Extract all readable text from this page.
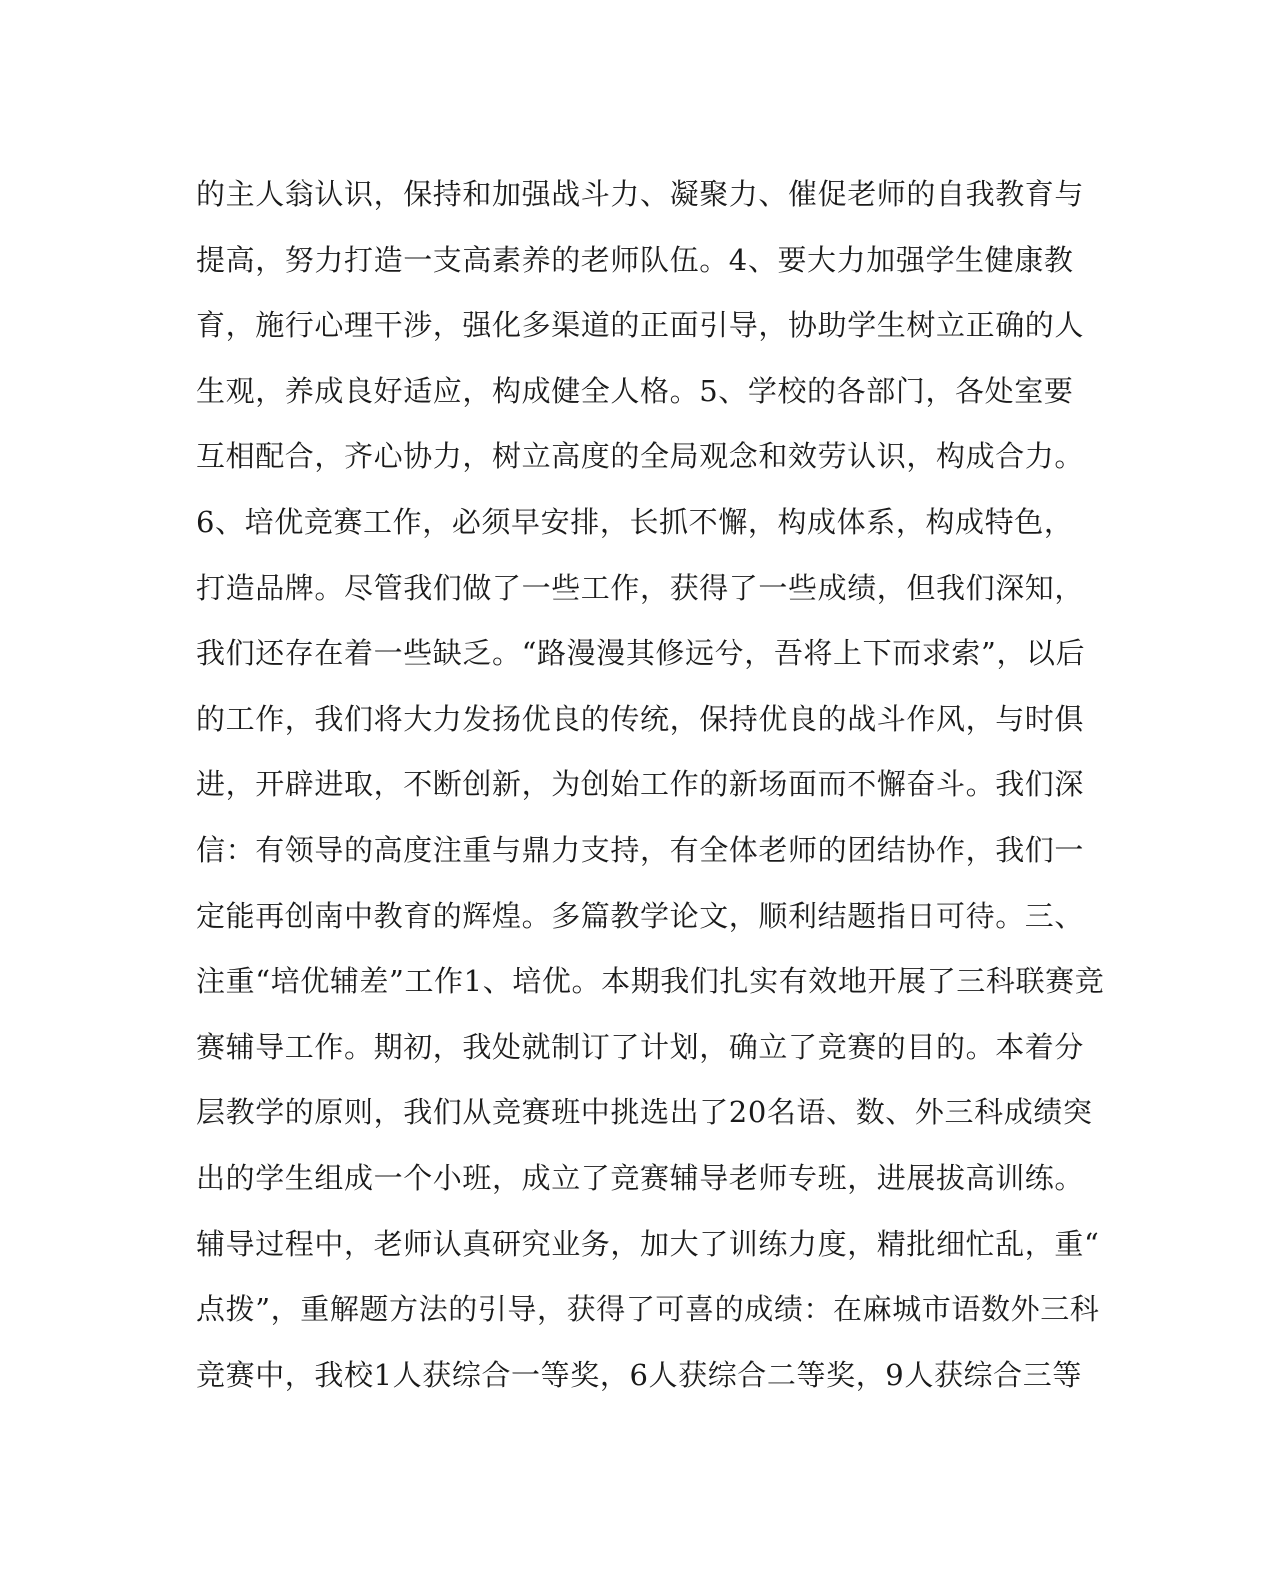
的主人翁认识，保持和加强战斗力、凝聚力、催促老师的自我教育与
提高，努力打造一支高素养的老师队伍。4、要大力加强学生健康教
育，施行心理干涉，强化多渠道的正面引导，协助学生树立正确的人
生观，养成良好适应，构成健全人格。5、学校的各部门，各处室要
互相配合，齐心协力，树立高度的全局观念和效劳认识，构成合力。
6、培优竞赛工作，必须早安排，长抓不懈，构成体系，构成特色，
打造品牌。尽管我们做了一些工作，获得了一些成绩，但我们深知，
我们还存在着一些缺乏。“路漫漫其修远兮，吾将上下而求索”，以后
的工作，我们将大力发扬优良的传统，保持优良的战斗作风，与时俱
进，开辟进取，不断创新，为创始工作的新场面而不懈奋斗。我们深
信：有领导的高度注重与鼎力支持，有全体老师的团结协作，我们一
定能再创南中教育的辉煌。多篇教学论文，顺利结题指日可待。三、
注重“培优辅差”工作1、培优。本期我们扎实有效地开展了三科联赛竞
赛辅导工作。期初，我处就制订了计划，确立了竞赛的目的。本着分
层教学的原则，我们从竞赛班中挑选出了20名语、数、外三科成绩突
出的学生组成一个小班，成立了竞赛辅导老师专班，进展拔高训练。
辅导过程中，老师认真研究业务，加大了训练力度，精批细忙乱，重“
点拨”，重解题方法的引导，获得了可喜的成绩：在麻城市语数外三科
竞赛中，我校1人获综合一等奖，6人获综合二等奖，9人获综合三等
